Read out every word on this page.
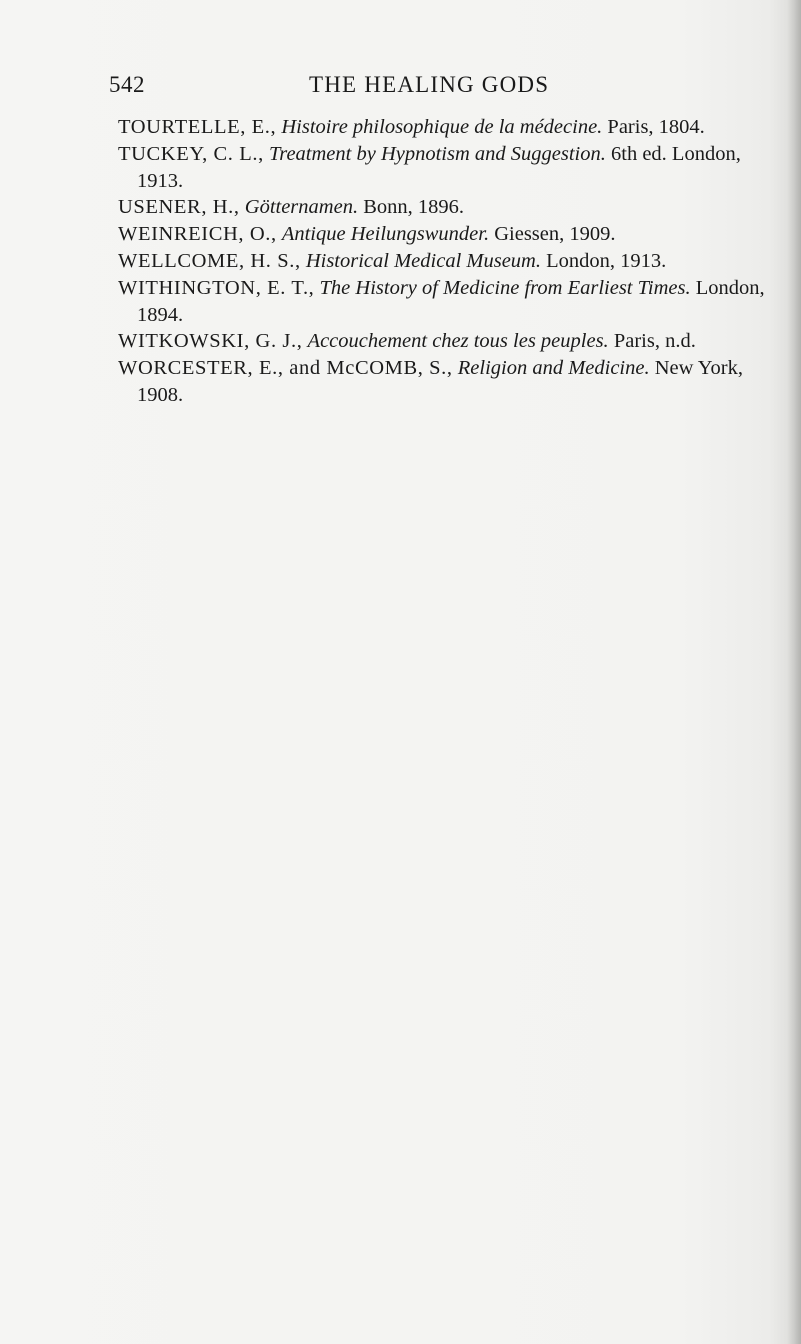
542	THE HEALING GODS
TOURTELLE, E., Histoire philosophique de la médecine. Paris, 1804.
TUCKEY, C. L., Treatment by Hypnotism and Suggestion. 6th ed. London, 1913.
USENER, H., Götternamen. Bonn, 1896.
WEINREICH, O., Antique Heilungswunder. Giessen, 1909.
WELLCOME, H. S., Historical Medical Museum. London, 1913.
WITHINGTON, E. T., The History of Medicine from Earliest Times. London, 1894.
WITKOWSKI, G. J., Accouchement chez tous les peuples. Paris, n.d.
WORCESTER, E., and McCOMB, S., Religion and Medicine. New York, 1908.
